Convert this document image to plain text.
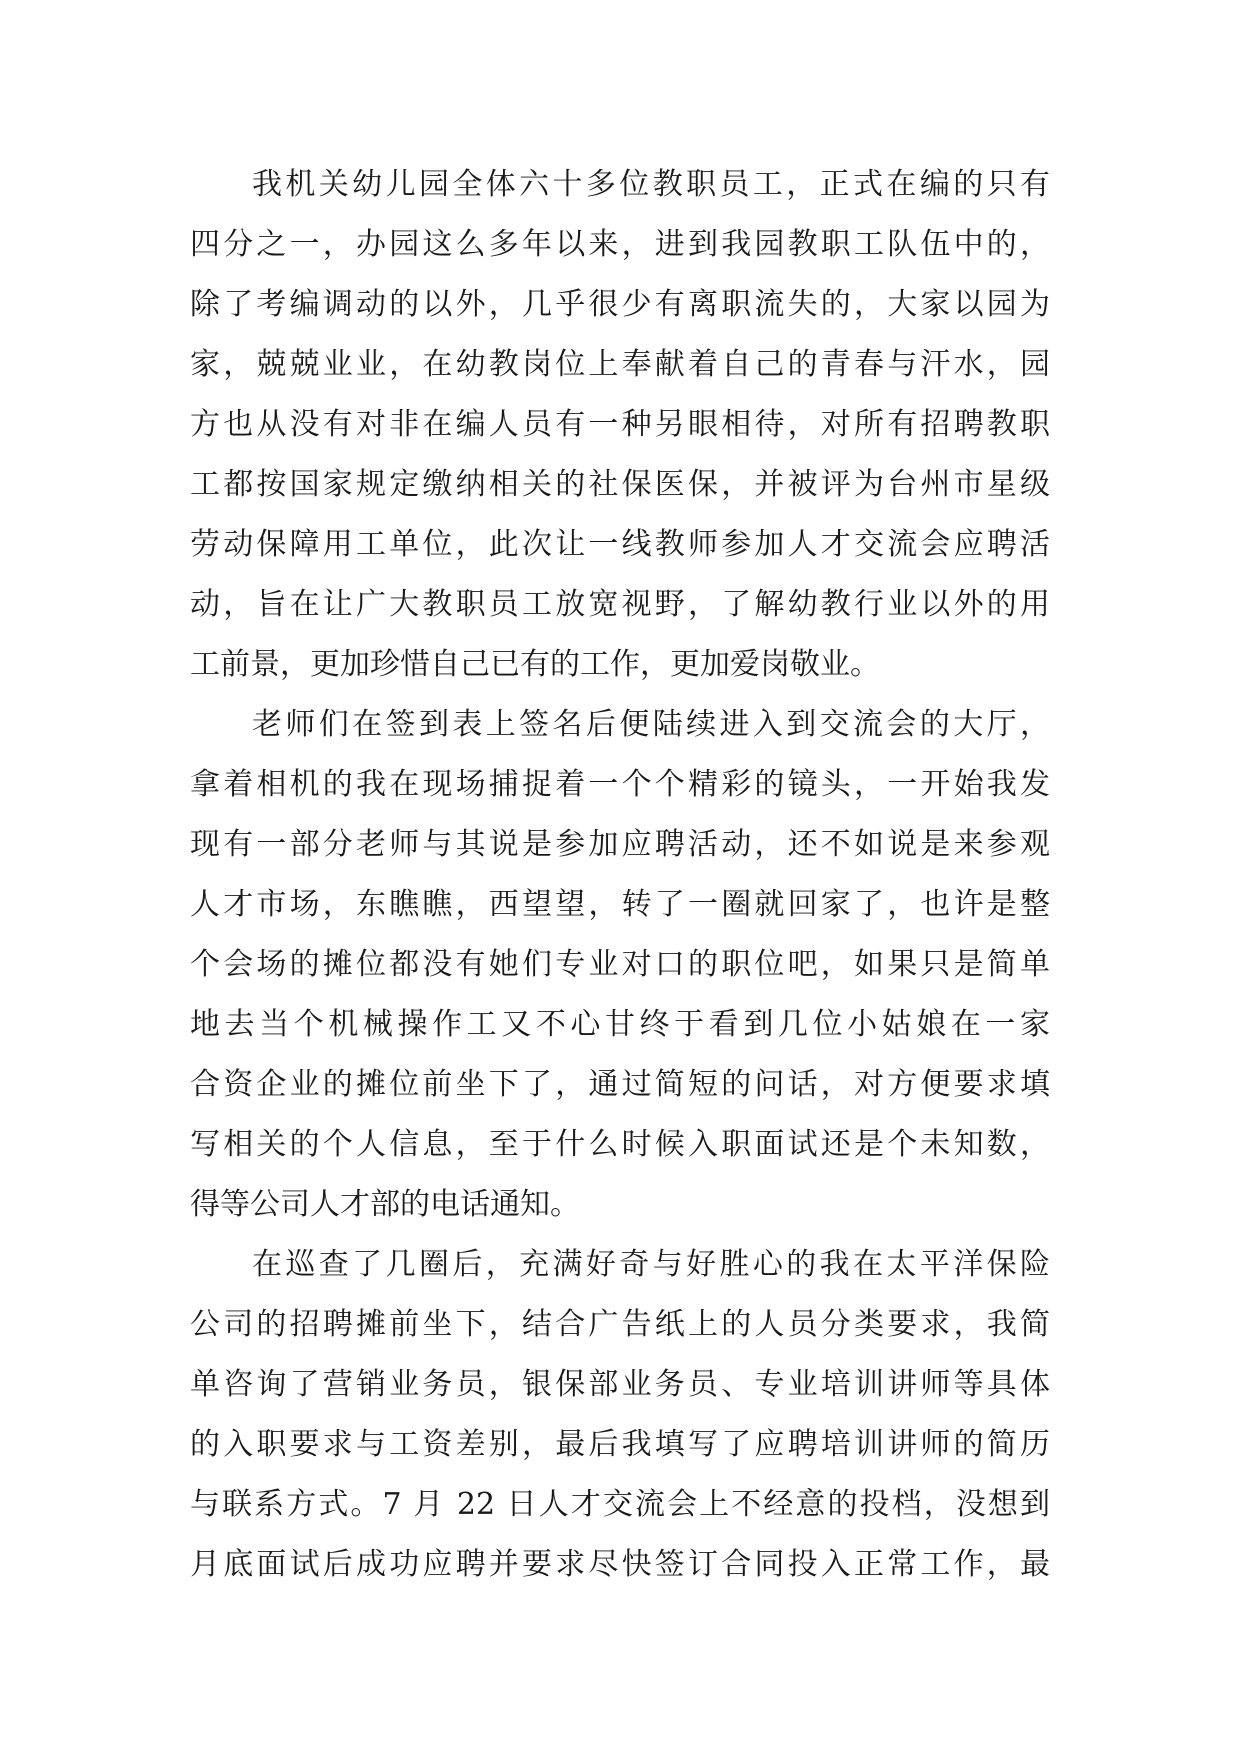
我机关幼儿园全体六十多位教职员工，正式在编的只有
四分之一，办园这么多年以来，进到我园教职工队伍中的，
除了考编调动的以外，几乎很少有离职流失的，大家以园为
家，兢兢业业，在幼教岗位上奉献着自己的青春与汗水，园
方也从没有对非在编人员有一种另眼相待，对所有招聘教职
工都按国家规定缴纳相关的社保医保，并被评为台州市星级
劳动保障用工单位，此次让一线教师参加人才交流会应聘活
动，旨在让广大教职员工放宽视野，了解幼教行业以外的用
工前景，更加珍惜自己已有的工作，更加爱岗敬业。
老师们在签到表上签名后便陆续进入到交流会的大厅，
拿着相机的我在现场捕捉着一个个精彩的镜头，一开始我发
现有一部分老师与其说是参加应聘活动，还不如说是来参观
人才市场，东瞧瞧，西望望，转了一圈就回家了，也许是整
个会场的摊位都没有她们专业对口的职位吧，如果只是简单
地去当个机械操作工又不心甘终于看到几位小姑娘在一家
合资企业的摊位前坐下了，通过简短的问话，对方便要求填
写相关的个人信息，至于什么时候入职面试还是个未知数，
得等公司人才部的电话通知。
在巡查了几圈后，充满好奇与好胜心的我在太平洋保险
公司的招聘摊前坐下，结合广告纸上的人员分类要求，我简
单咨询了营销业务员，银保部业务员、专业培训讲师等具体
的入职要求与工资差别，最后我填写了应聘培训讲师的简历
与联系方式。7 月 22 日人才交流会上不经意的投档，没想到
月底面试后成功应聘并要求尽快签订合同投入正常工作，最
